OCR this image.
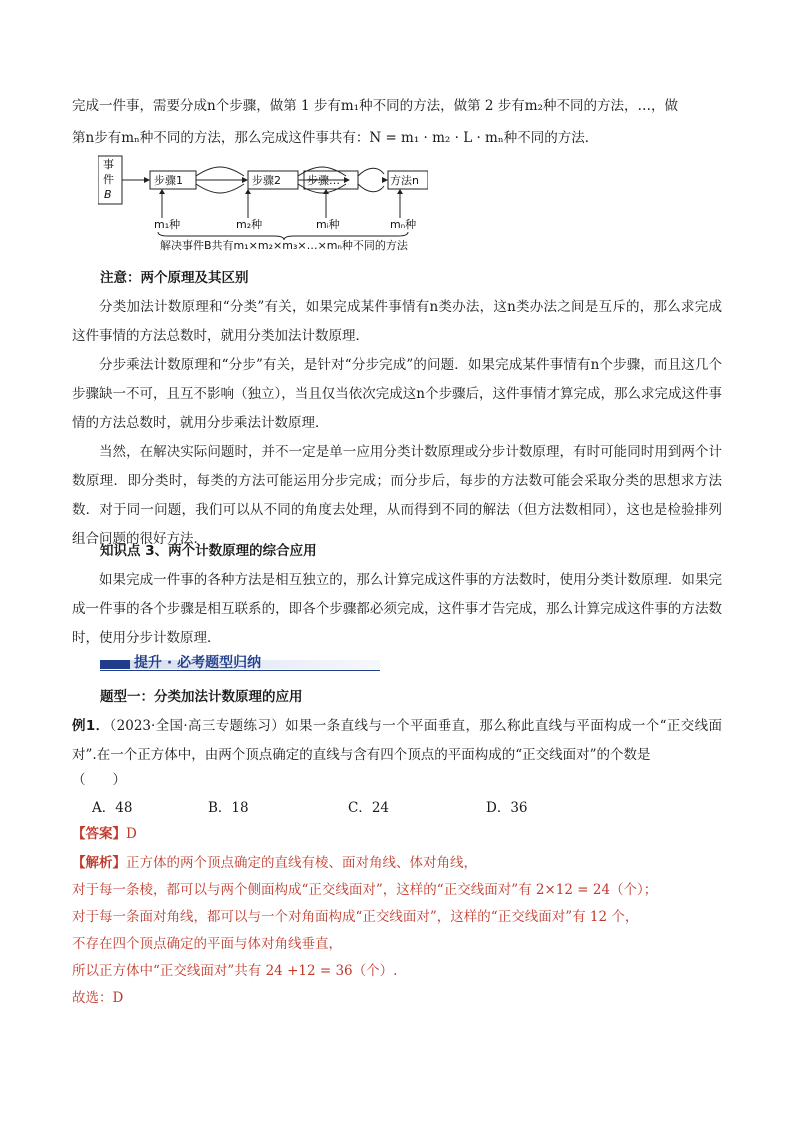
完成一件事，需要分成n个步骤，做第 1 步有m₁种不同的方法，做第 2 步有m₂种不同的方法，…，做
第n步有mₙ种不同的方法，那么完成这件事共有：N = m₁ · m₂ · L · mₙ种不同的方法．
事
件
B
步骤1	步骤2 步骤…	方法n
m₁种	m₂种	mᵢ种	mₙ种
解决事件B共有m₁×m₂×m₃×…×mₙ种不同的方法
注意：两个原理及其区别
分类加法计数原理和“分类”有关，如果完成某件事情有n类办法，这n类办法之间是互斥的，那么求完成这件事情的方法总数时，就用分类加法计数原理．
分步乘法计数原理和“分步”有关，是针对“分步完成”的问题．如果完成某件事情有n个步骤，而且这几个步骤缺一不可，且互不影响（独立），当且仅当依次完成这n个步骤后，这件事情才算完成，那么求完成这件事情的方法总数时，就用分步乘法计数原理．
当然，在解决实际问题时，并不一定是单一应用分类计数原理或分步计数原理，有时可能同时用到两个计数原理．即分类时，每类的方法可能运用分步完成；而分步后，每步的方法数可能会采取分类的思想求方法数．对于同一问题，我们可以从不同的角度去处理，从而得到不同的解法（但方法数相同），这也是检验排列组合问题的很好方法．
知识点 3、两个计数原理的综合应用
如果完成一件事的各种方法是相互独立的，那么计算完成这件事的方法数时，使用分类计数原理．如果完成一件事的各个步骤是相互联系的，即各个步骤都必须完成，这件事才告完成，那么计算完成这件事的方法数时，使用分步计数原理．
提升 · 必考题型归纳
题型一：分类加法计数原理的应用
例1．（2023·全国·高三专题练习）如果一条直线与一个平面垂直，那么称此直线与平面构成一个“正交线面对”.在一个正方体中，由两个顶点确定的直线与含有四个顶点的平面构成的“正交线面对”的个数是
（　　）
A．48	B．18	C．24	D．36
【答案】D
【解析】正方体的两个顶点确定的直线有棱、面对角线、体对角线，
对于每一条棱，都可以与两个侧面构成“正交线面对”，这样的“正交线面对”有 2×12 = 24（个）；
对于每一条面对角线，都可以与一个对角面构成“正交线面对”，这样的“正交线面对”有 12 个，
不存在四个顶点确定的平面与体对角线垂直，
所以正方体中“正交线面对”共有 24 +12 = 36（个）.
故选：D
